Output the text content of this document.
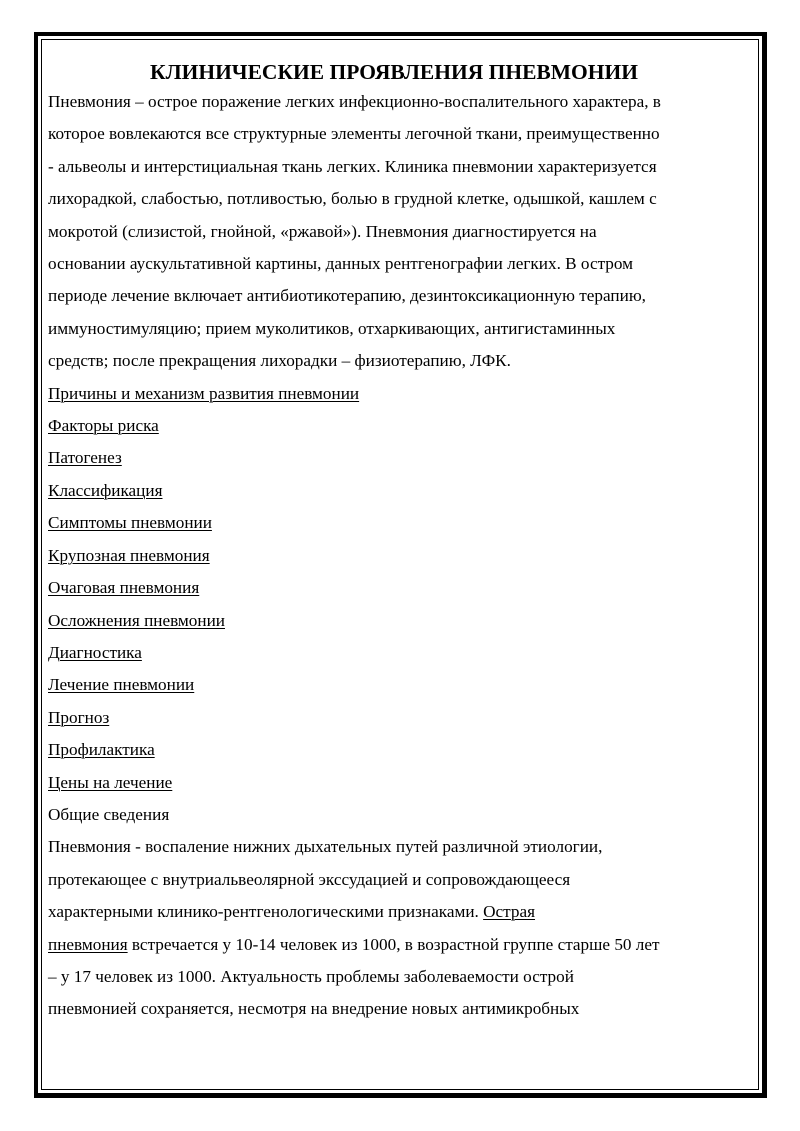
КЛИНИЧЕСКИЕ ПРОЯВЛЕНИЯ ПНЕВМОНИИ

Пневмония – острое поражение легких инфекционно-воспалительного характера, в
которое вовлекаются все структурные элементы легочной ткани, преимущественно
- альвеолы и интерстициальная ткань легких. Клиника пневмонии характеризуется
лихорадкой, слабостью, потливостью, болью в грудной клетке, одышкой, кашлем с
мокротой (слизистой, гнойной, «ржавой»). Пневмония диагностируется на
основании аускультативной картины, данных рентгенографии легких. В остром
периоде лечение включает антибиотикотерапию, дезинтоксикационную терапию,
иммуностимуляцию; прием муколитиков, отхаркивающих, антигистаминных
средств; после прекращения лихорадки – физиотерапию, ЛФК.

Причины и механизм развития пневмонии
Факторы риска
Патогенез
Классификация
Симптомы пневмонии
Крупозная пневмония
Очаговая пневмония
Осложнения пневмонии
Диагностика
Лечение пневмонии
Прогноз
Профилактика
Цены на лечение
Общие сведения

Пневмония - воспаление нижних дыхательных путей различной этиологии,
протекающее с внутриальвеолярной экссудацией и сопровождающееся
характерными клинико-рентгенологическими признаками. Острая
пневмония встречается у 10-14 человек из 1000, в возрастной группе старше 50 лет
– у 17 человек из 1000. Актуальность проблемы заболеваемости острой
пневмонией сохраняется, несмотря на внедрение новых антимикробных
